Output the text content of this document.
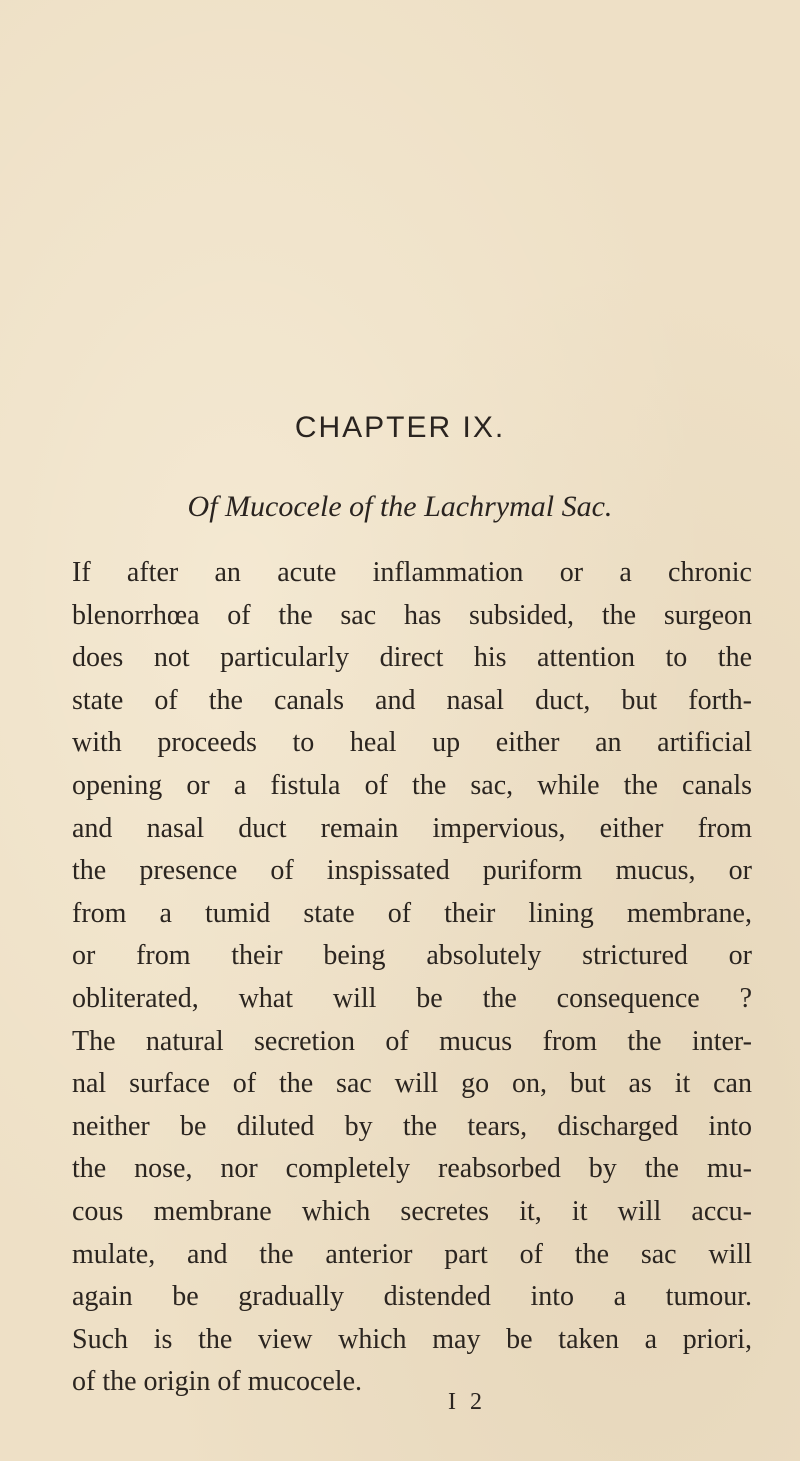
CHAPTER IX.
Of Mucocele of the Lachrymal Sac.
If after an acute inflammation or a chronic
blenorrhœa of the sac has subsided, the surgeon
does not particularly direct his attention to the
state of the canals and nasal duct, but forth-
with proceeds to heal up either an artificial
opening or a fistula of the sac, while the canals
and nasal duct remain impervious, either from
the presence of inspissated puriform mucus, or
from a tumid state of their lining membrane,
or from their being absolutely strictured or
obliterated, what will be the consequence ?
The natural secretion of mucus from the inter-
nal surface of the sac will go on, but as it can
neither be diluted by the tears, discharged into
the nose, nor completely reabsorbed by the mu-
cous membrane which secretes it, it will accu-
mulate, and the anterior part of the sac will
again be gradually distended into a tumour.
Such is the view which may be taken a priori,
of the origin of mucocele.
I 2
